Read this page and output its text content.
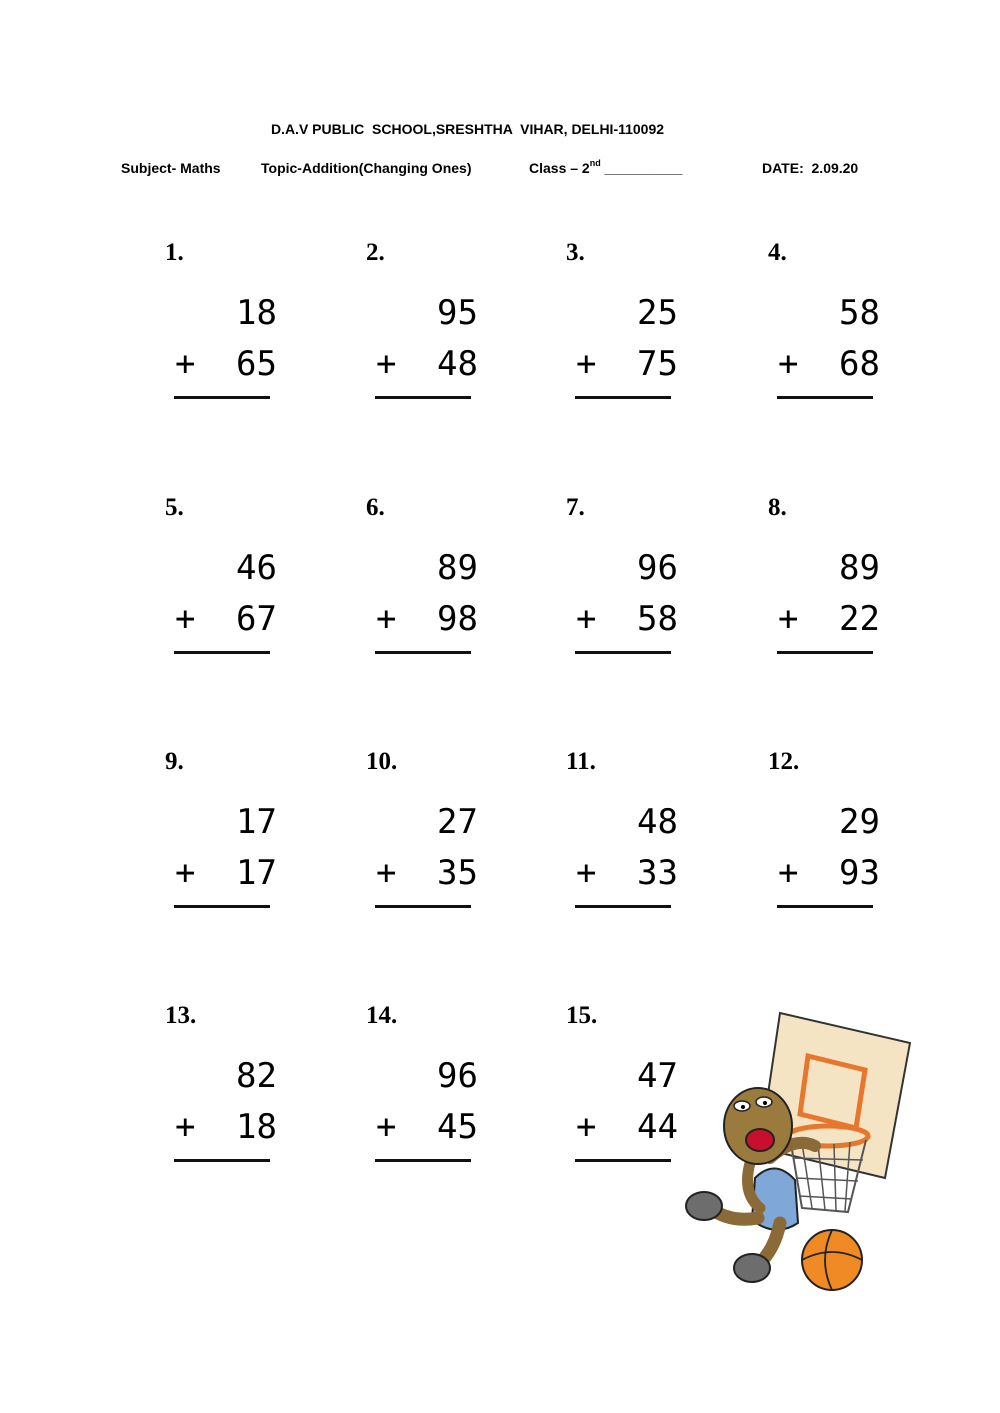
D.A.V PUBLIC  SCHOOL,SRESHTHA  VIHAR, DELHI-110092
Subject- Maths	Topic-Addition(Changing Ones)	Class – 2nd __________	DATE:  2.09.20
1.
18
+ 65
2.
95
+ 48
3.
25
+ 75
4.
58
+ 68
5.
46
+ 67
6.
89
+ 98
7.
96
+ 58
8.
89
+ 22
9.
17
+ 17
10.
27
+ 35
11.
48
+ 33
12.
29
+ 93
13.
82
+ 18
14.
96
+ 45
15.
47
+ 44
